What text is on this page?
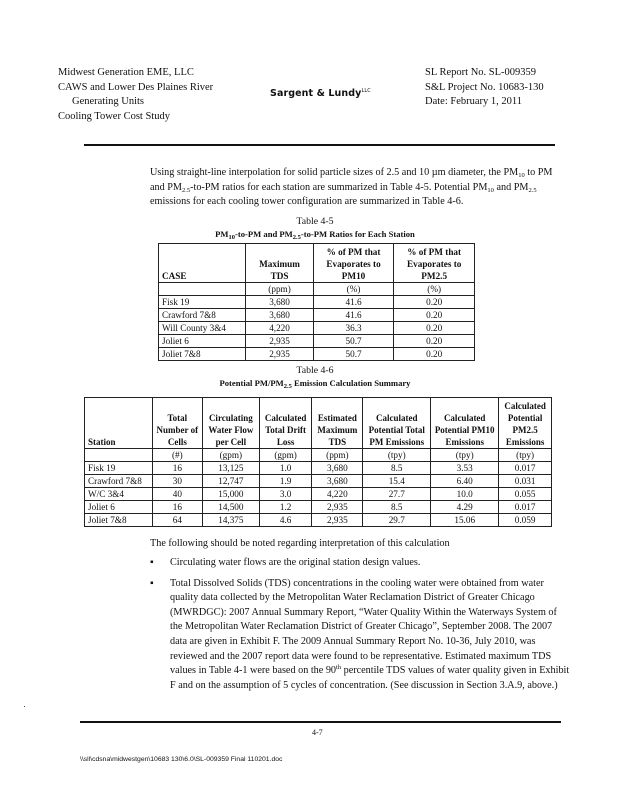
Midwest Generation EME, LLC
CAWS and Lower Des Plaines River
Generating Units
Cooling Tower Cost Study
Sargent & Lundy$^{LLC}$
SL Report No. SL-009359
S&L Project No. 10683-130
Date: February 1, 2011
Using straight-line interpolation for solid particle sizes of 2.5 and 10 µm diameter, the $PM_{10}$ to PM and $PM_{2.5}-to-PM$ ratios for each station are summarized in Table 4-5. Potential $PM_{10}$ and $PM_{2.5}$ emissions for each cooling tower configuration are summarized in Table 4-6.
Table 4-5
$PM_{10}-to-PM$ and $PM_{2.5}-to-PM$ Ratios for Each Station
CASE	Maximum TDS	% of PM that Evaporates to PM10	% of PM that Evaporates to PM2.5
	(ppm)	(%)	(%)
Fisk 19	3,680	41.6	0.20
Crawford 7&8	3,680	41.6	0.20
Will County 3&4	4,220	36.3	0.20
Joliet 6	2,935	50.7	0.20
Joliet 7&8	2,935	50.7	0.20
Table 4-6
Potential $PM/PM_{2.5}$ Emission Calculation Summary
Station	Total Number of Cells	Circulating Water Flow per Cell	Calculated Total Drift Loss	Estimated Maximum TDS	Calculated Potential Total PM Emissions	Calculated Potential PM10 Emissions	Calculated Potential PM2.5 Emissions
	(#)	(gpm)	(gpm)	(ppm)	(tpy)	(tpy)	(tpy)
Fisk 19	16	13,125	1.0	3,680	8.5	3.53	0.017
Crawford 7&8	30	12,747	1.9	3,680	15.4	6.40	0.031
W/C 3&4	40	15,000	3.0	4,220	27.7	10.0	0.055
Joliet 6	16	14,500	1.2	2,935	8.5	4.29	0.017
Joliet 7&8	64	14,375	4.6	2,935	29.7	15.06	0.059
The following should be noted regarding interpretation of this calculation
▪ Circulating water flows are the original station design values.
▪ Total Dissolved Solids (TDS) concentrations in the cooling water were obtained from water quality data collected by the Metropolitan Water Reclamation District of Greater Chicago (MWRDGC): 2007 Annual Summary Report, “Water Quality Within the Waterways System of the Metropolitan Water Reclamation District of Greater Chicago”, September 2008. The 2007 data are given in Exhibit F. The 2009 Annual Summary Report No. 10-36, July 2010, was reviewed and the 2007 report data were found to be representative. Estimated maximum TDS values in Table 4-1 were based on the 90th percentile TDS values of water quality given in Exhibit F and on the assumption of 5 cycles of concentration. (See discussion in Section 3.A.9, above.)
4-7
\\sll\cdsna\midwestgen\10683 130\6.0\SL-009359 Final 110201.doc
